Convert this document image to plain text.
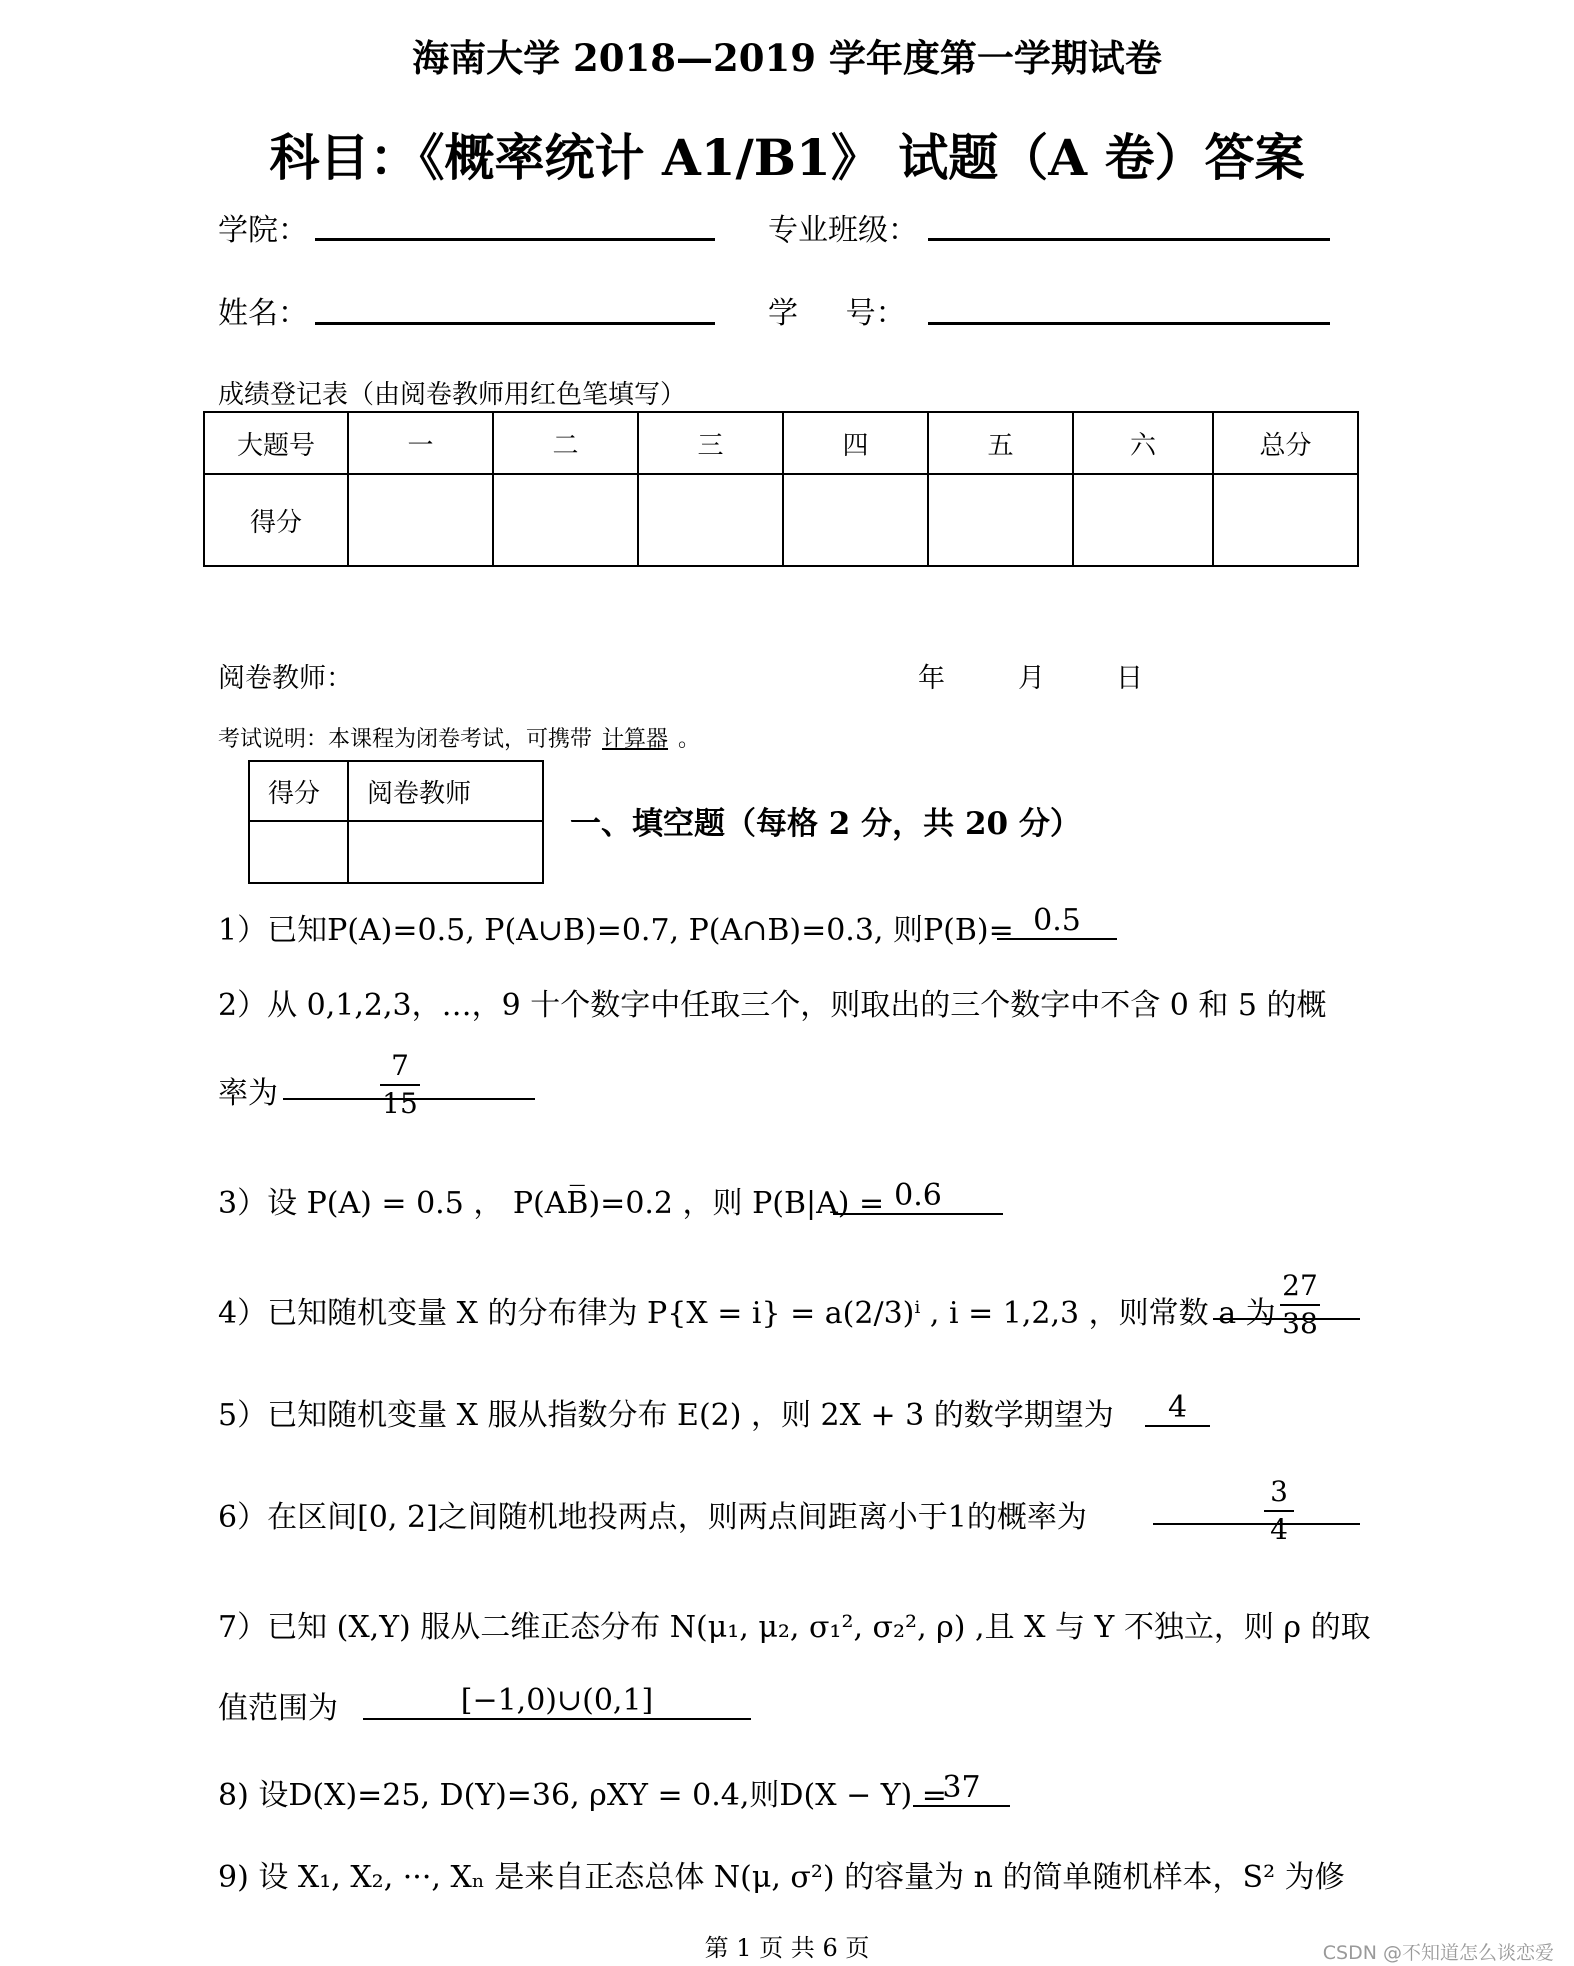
海南大学 2018—2019 学年度第一学期试卷
科目：《概率统计 A1/B1》 试题（A 卷）答案
学院：	专业班级：
姓名：	学     号：
成绩登记表（由阅卷教师用红色笔填写）
大题号	一	二	三	四	五	六	总分
得分							
阅卷教师：	年	月	日
考试说明：本课程为闭卷考试，可携带 计算器 。
得分	阅卷教师

一、填空题（每格 2 分，共 20 分）
1）已知P(A)=0.5, P(A∪B)=0.7, P(A∩B)=0.3, 则P(B)= 0.5
2）从 0,1,2,3，…，9 十个数字中任取三个，则取出的三个数字中不含 0 和 5 的概
率为
7
15
3）设 P(A) = 0.5 ， P(AB̅)=0.2 ，则 P(B|A) = 0.6
4）已知随机变量 X 的分布律为 P{X = i} = a(2/3)ⁱ , i = 1,2,3 ，则常数 a 为
27
38
5）已知随机变量 X 服从指数分布 E(2) ，则 2X + 3 的数学期望为	4
6）在区间[0, 2]之间随机地投两点，则两点间距离小于1的概率为
3
4
7）已知 (X,Y) 服从二维正态分布 N(μ₁, μ₂, σ₁², σ₂², ρ) ,且 X 与 Y 不独立，则 ρ 的取
值范围为	[−1,0)∪(0,1]
8) 设D(X)=25, D(Y)=36, ρXY = 0.4,则D(X − Y) =
37
9) 设 X₁, X₂, ···, Xₙ 是来自正态总体 N(μ, σ²) 的容量为 n 的简单随机样本，S² 为修
第 1 页 共 6 页	CSDN @不知道怎么谈恋爱
